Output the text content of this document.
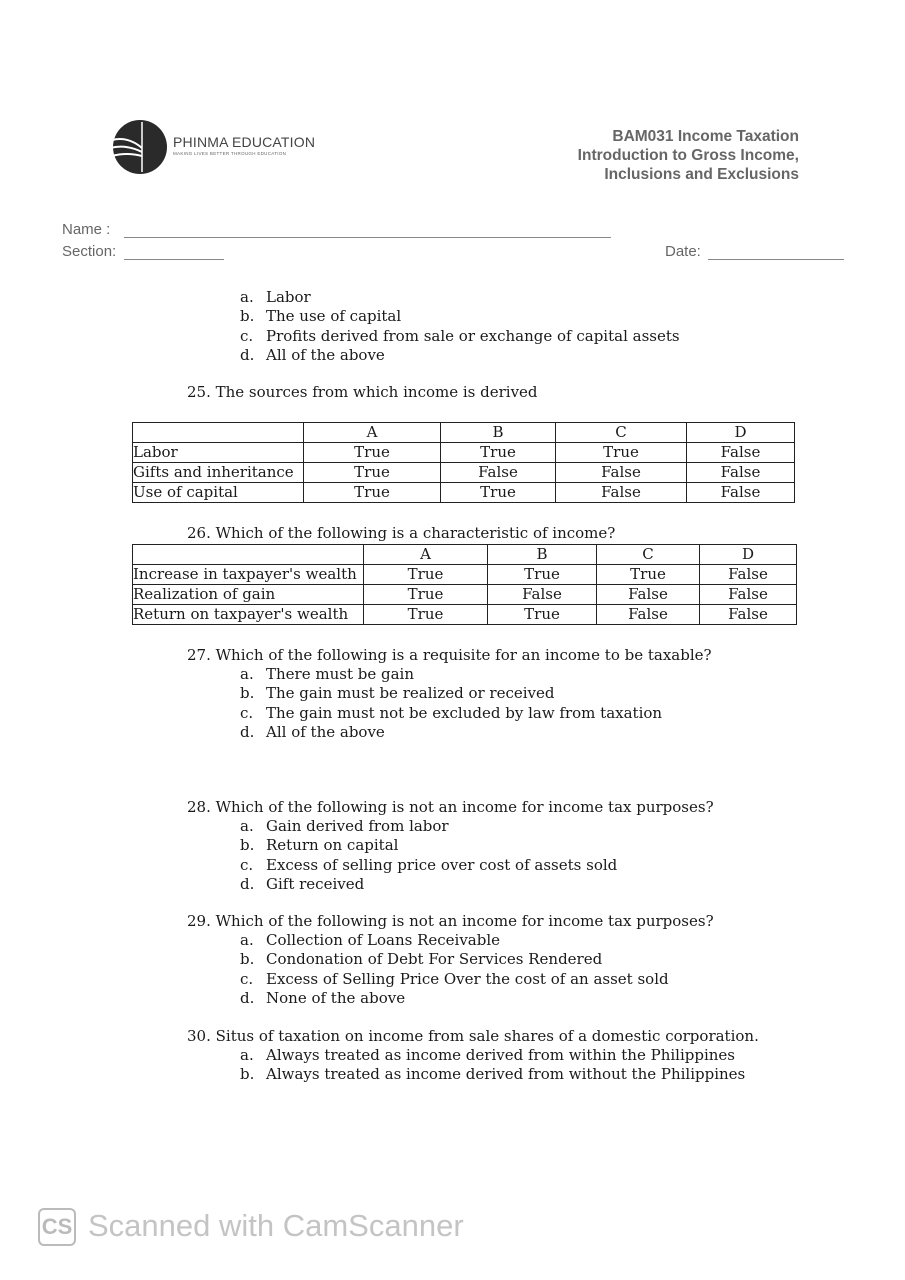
PHINMA EDUCATION
MAKING LIVES BETTER THROUGH EDUCATION
BAM031 Income Taxation
Introduction to Gross Income,
Inclusions and Exclusions
Name :
Section:	Date:
a. Labor
b. The use of capital
c. Profits derived from sale or exchange of capital assets
d. All of the above
25. The sources from which income is derived
	A	B	C	D
Labor	True	True	True	False
Gifts and inheritance	True	False	False	False
Use of capital	True	True	False	False
26. Which of the following is a characteristic of income?
	A	B	C	D
Increase in taxpayer's wealth	True	True	True	False
Realization of gain	True	False	False	False
Return on taxpayer's wealth	True	True	False	False
27. Which of the following is a requisite for an income to be taxable?
a. There must be gain
b. The gain must be realized or received
c. The gain must not be excluded by law from taxation
d. All of the above
28. Which of the following is not an income for income tax purposes?
a. Gain derived from labor
b. Return on capital
c. Excess of selling price over cost of assets sold
d. Gift received
29. Which of the following is not an income for income tax purposes?
a. Collection of Loans Receivable
b. Condonation of Debt For Services Rendered
c. Excess of Selling Price Over the cost of an asset sold
d. None of the above
30. Situs of taxation on income from sale shares of a domestic corporation.
a. Always treated as income derived from within the Philippines
b. Always treated as income derived from without the Philippines
CS Scanned with CamScanner
